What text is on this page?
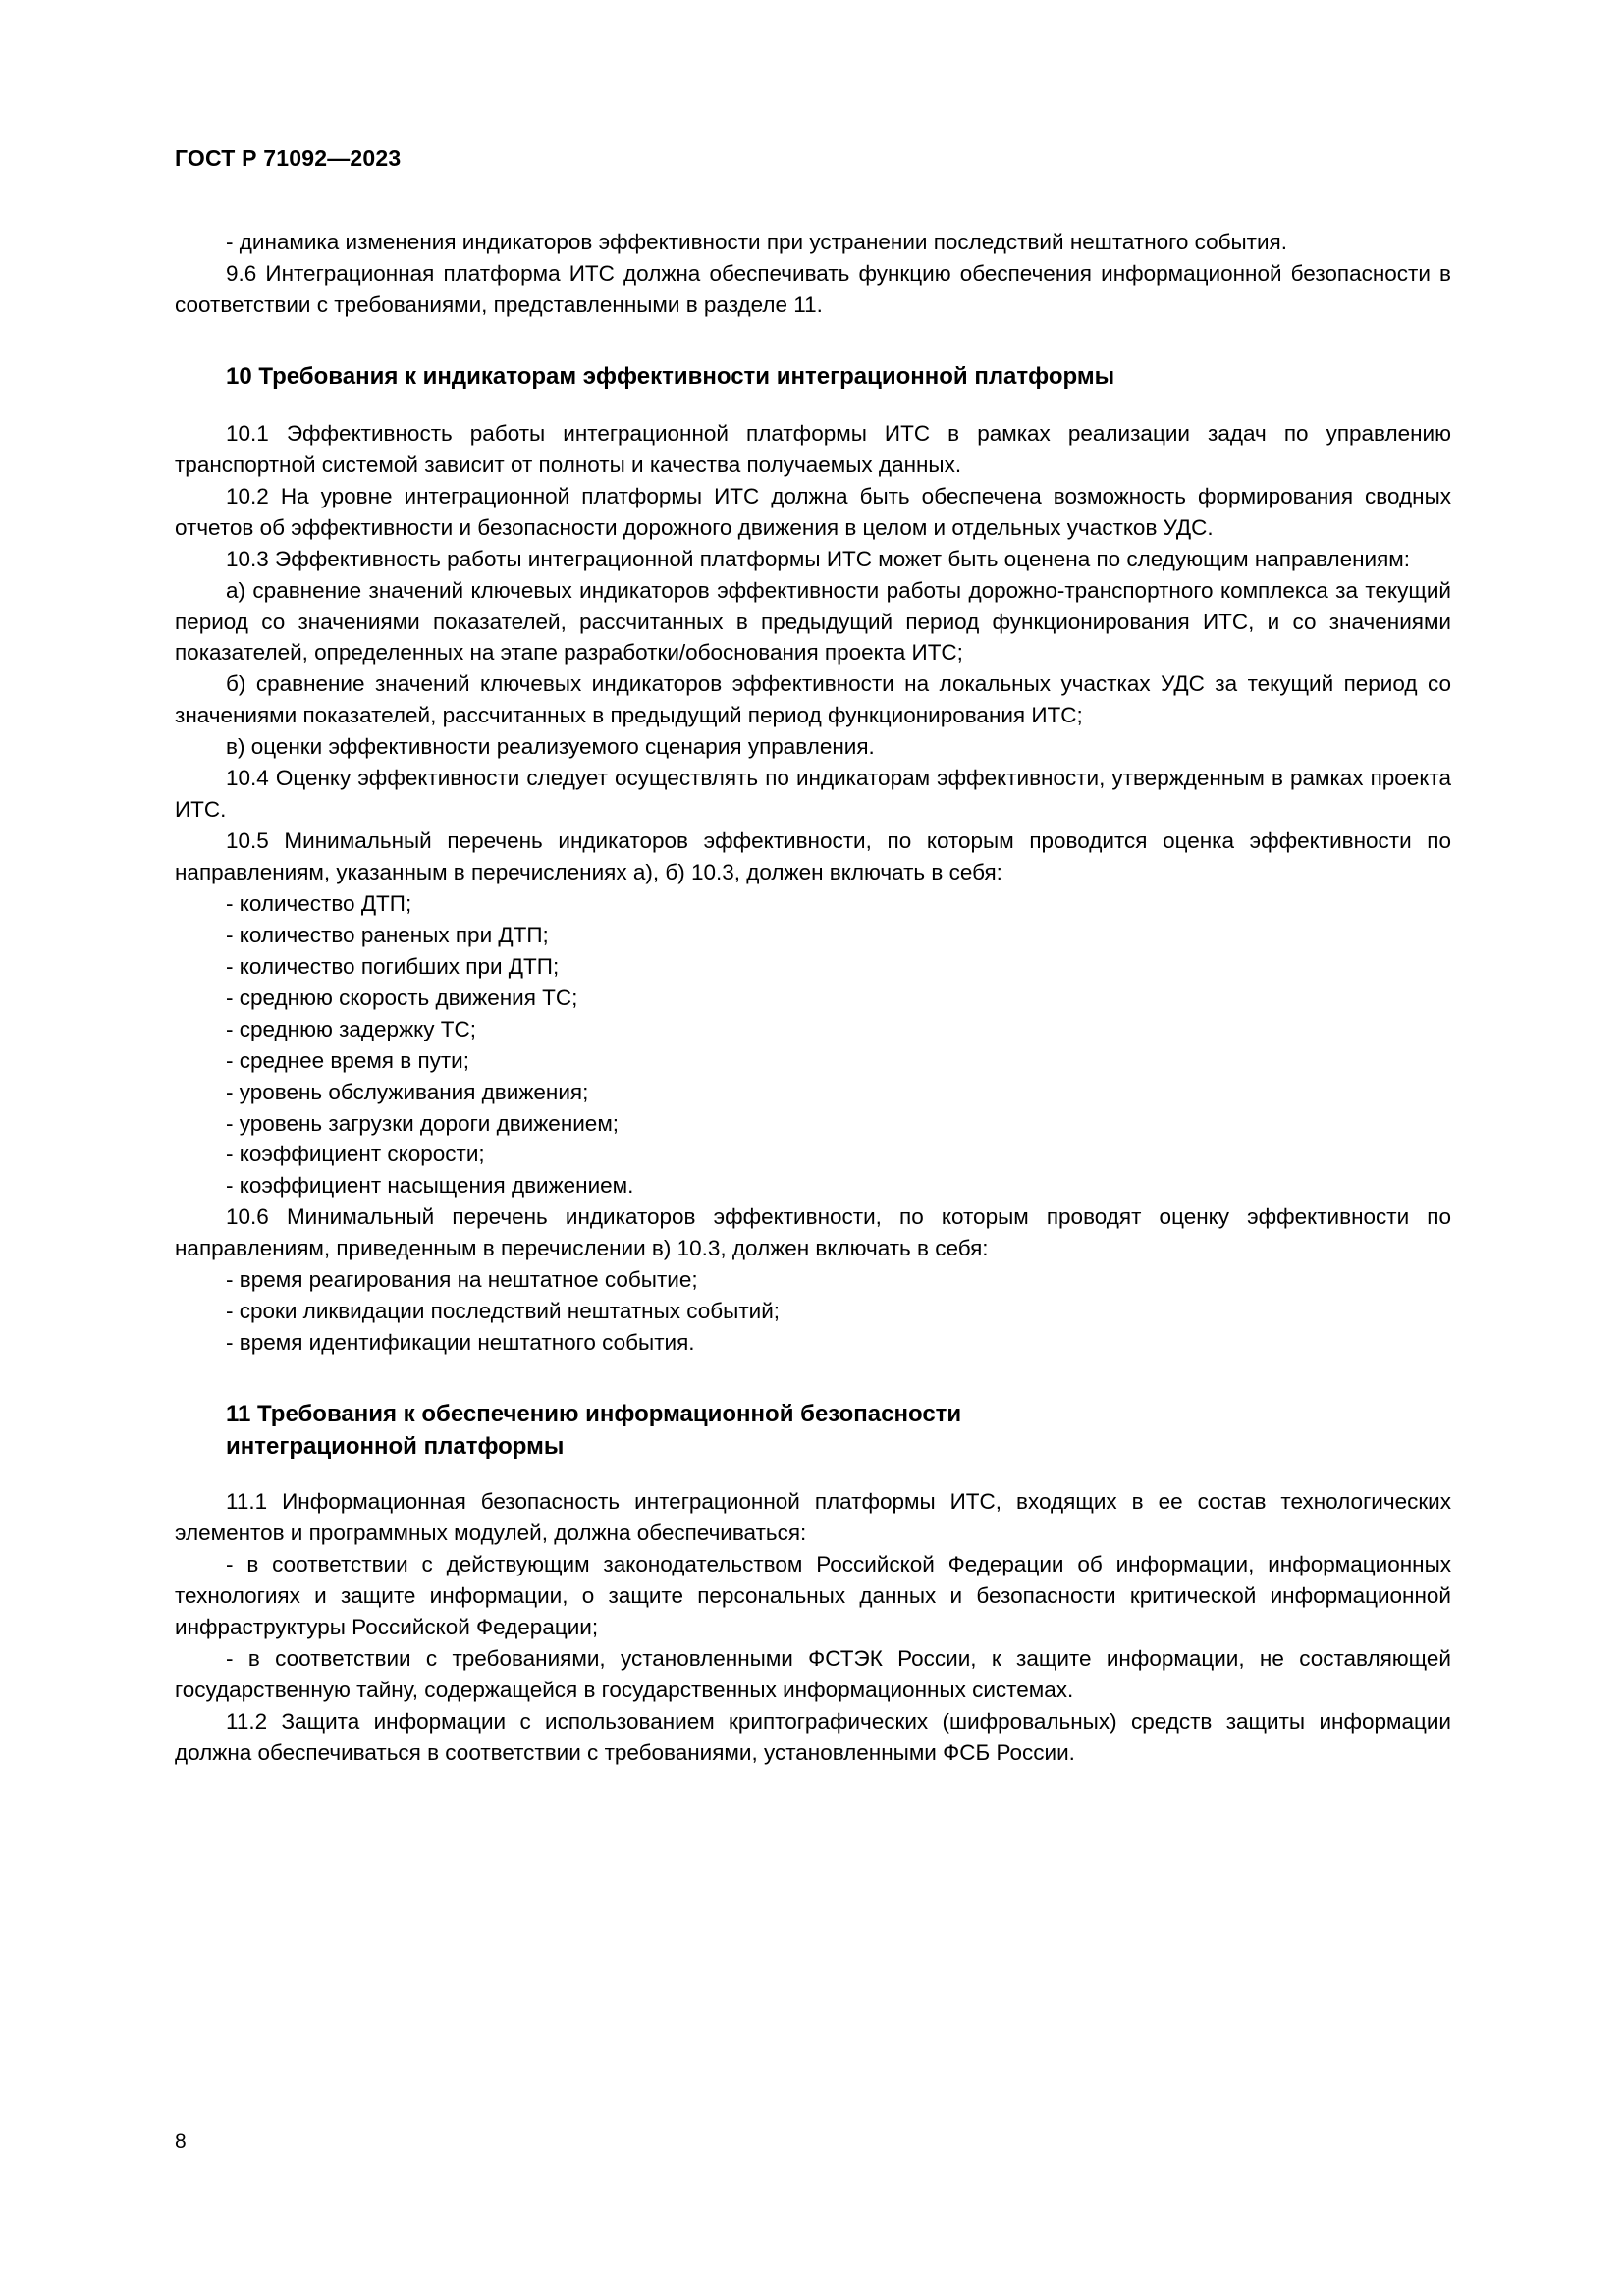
ГОСТ Р 71092—2023

- динамика изменения индикаторов эффективности при устранении последствий нештатного события.

9.6 Интеграционная платформа ИТС должна обеспечивать функцию обеспечения информационной безопасности в соответствии с требованиями, представленными в разделе 11.

10 Требования к индикаторам эффективности интеграционной платформы

10.1 Эффективность работы интеграционной платформы ИТС в рамках реализации задач по управлению транспортной системой зависит от полноты и качества получаемых данных.

10.2 На уровне интеграционной платформы ИТС должна быть обеспечена возможность формирования сводных отчетов об эффективности и безопасности дорожного движения в целом и отдельных участков УДС.

10.3 Эффективность работы интеграционной платформы ИТС может быть оценена по следующим направлениям:

а) сравнение значений ключевых индикаторов эффективности работы дорожно-транспортного комплекса за текущий период со значениями показателей, рассчитанных в предыдущий период функционирования ИТС, и со значениями показателей, определенных на этапе разработки/обоснования проекта ИТС;

б) сравнение значений ключевых индикаторов эффективности на локальных участках УДС за текущий период со значениями показателей, рассчитанных в предыдущий период функционирования ИТС;

в) оценки эффективности реализуемого сценария управления.

10.4 Оценку эффективности следует осуществлять по индикаторам эффективности, утвержденным в рамках проекта ИТС.

10.5 Минимальный перечень индикаторов эффективности, по которым проводится оценка эффективности по направлениям, указанным в перечислениях а), б) 10.3, должен включать в себя:

- количество ДТП;

- количество раненых при ДТП;

- количество погибших при ДТП;

- среднюю скорость движения ТС;

- среднюю задержку ТС;

- среднее время в пути;

- уровень обслуживания движения;

- уровень загрузки дороги движением;

- коэффициент скорости;

- коэффициент насыщения движением.

10.6 Минимальный перечень индикаторов эффективности, по которым проводят оценку эффективности по направлениям, приведенным в перечислении в) 10.3, должен включать в себя:

- время реагирования на нештатное событие;

- сроки ликвидации последствий нештатных событий;

- время идентификации нештатного события.

11 Требования к обеспечению информационной безопасности
интеграционной платформы

11.1 Информационная безопасность интеграционной платформы ИТС, входящих в ее состав технологических элементов и программных модулей, должна обеспечиваться:

- в соответствии с действующим законодательством Российской Федерации об информации, информационных технологиях и защите информации, о защите персональных данных и безопасности критической информационной инфраструктуры Российской Федерации;

- в соответствии с требованиями, установленными ФСТЭК России, к защите информации, не составляющей государственную тайну, содержащейся в государственных информационных системах.

11.2 Защита информации с использованием криптографических (шифровальных) средств защиты информации должна обеспечиваться в соответствии с требованиями, установленными ФСБ России.

8
